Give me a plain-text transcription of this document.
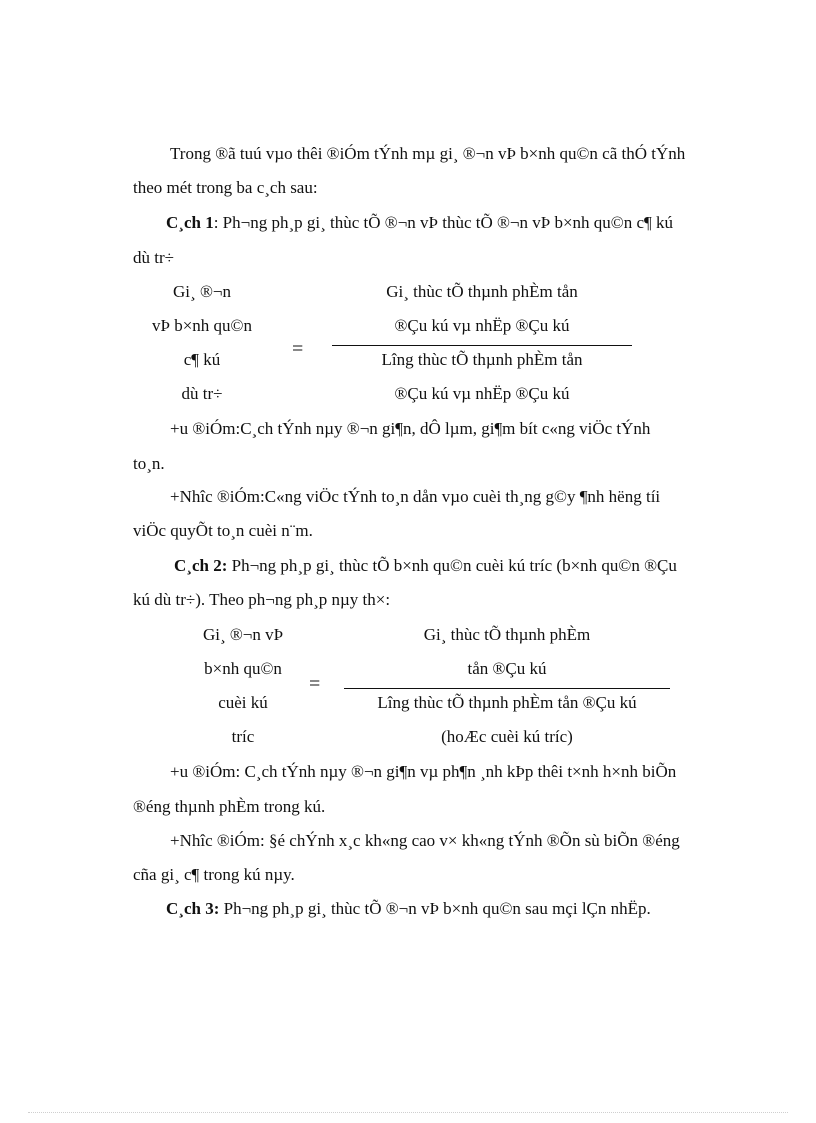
Trong ®ã tuú vµo thêi ®iÓm tÝnh mµ gi¸ ®¬n vÞ b×nh qu©n cã thÓ tÝnh
theo mét trong ba c¸ch sau:
C¸ch 1: Ph¬ng ph¸p gi¸ thùc tÕ ®¬n vÞ thùc tÕ ®¬n vÞ b×nh qu©n c¶ kú
dù tr÷
Gi¸ ®¬n
vÞ b×nh qu©n
c¶ kú
dù tr÷
=
Gi¸ thùc tÕ thµnh phÈm tån
®Çu kú vµ nhËp ®Çu kú
Lîng thùc tÕ thµnh phÈm tån
®Çu kú vµ nhËp ®Çu kú
+u ®iÓm:C¸ch tÝnh nµy ®¬n gi¶n, dÔ lµm, gi¶m bít c«ng viÖc tÝnh
to¸n.
+Nhîc ®iÓm:C«ng viÖc tÝnh to¸n dån vµo cuèi th¸ng g©y ¶nh hëng tíi
viÖc quyÕt to¸n cuèi n¨m.
C¸ch 2: Ph¬ng ph¸p gi¸ thùc tÕ b×nh qu©n cuèi kú tríc (b×nh qu©n ®Çu
kú dù tr÷). Theo ph¬ng ph¸p nµy th×:
Gi¸ ®¬n vÞ
b×nh qu©n
cuèi kú
tríc
=
Gi¸ thùc tÕ thµnh phÈm
tån ®Çu kú
Lîng thùc tÕ thµnh phÈm tån ®Çu kú
(hoÆc cuèi kú tríc)
+u ®iÓm: C¸ch tÝnh nµy ®¬n gi¶n vµ ph¶n ¸nh kÞp thêi t×nh h×nh biÕn
®éng thµnh phÈm trong kú.
+Nhîc ®iÓm: §é chÝnh x¸c kh«ng cao v× kh«ng tÝnh ®Õn sù biÕn ®éng
cña gi¸ c¶ trong kú nµy.
C¸ch 3: Ph¬ng ph¸p gi¸ thùc tÕ ®¬n vÞ b×nh qu©n sau mçi lÇn nhËp.
